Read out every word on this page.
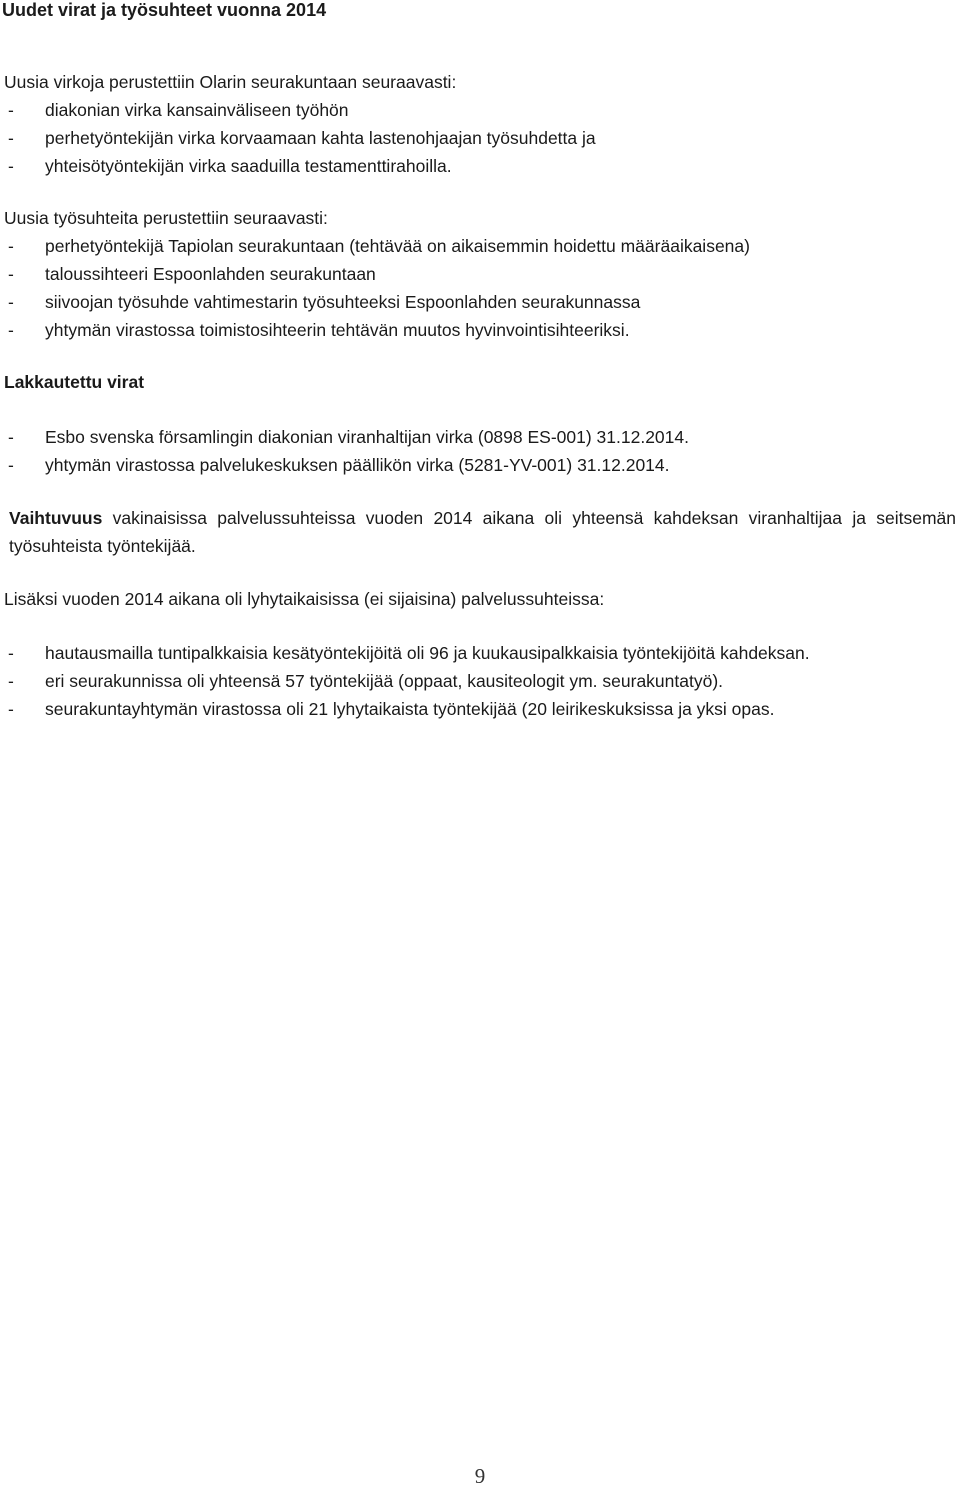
Uudet virat ja työsuhteet vuonna 2014

Uusia virkoja perustettiin Olarin seurakuntaan seuraavasti:

- diakonian virka kansainväliseen työhön
- perhetyöntekijän virka korvaamaan kahta lastenohjaajan työsuhdetta ja
- yhteisötyöntekijän virka saaduilla testamenttirahoilla.

Uusia työsuhteita perustettiin seuraavasti:

- perhetyöntekijä Tapiolan seurakuntaan (tehtävää on aikaisemmin hoidettu määräaikaisena)
- taloussihteeri Espoonlahden seurakuntaan
- siivoojan työsuhde vahtimestarin työsuhteeksi Espoonlahden seurakunnassa
- yhtymän virastossa toimistosihteerin tehtävän muutos hyvinvointisihteeriksi.

Lakkautettu virat

- Esbo svenska församlingin diakonian viranhaltijan virka (0898 ES-001) 31.12.2014.
- yhtymän virastossa palvelukeskuksen päällikön virka (5281-YV-001) 31.12.2014.

Vaihtuvuus vakinaisissa palvelussuhteissa vuoden 2014 aikana oli yhteensä kahdeksan viranhaltijaa ja seitsemän työsuhteista työntekijää.

Lisäksi vuoden 2014 aikana oli lyhytaikaisissa (ei sijaisina) palvelussuhteissa:

- hautausmailla tuntipalkkaisia kesätyöntekijöitä oli 96 ja kuukausipalkkaisia työntekijöitä kahdeksan.
- eri seurakunnissa oli yhteensä 57 työntekijää (oppaat, kausiteologit ym. seurakuntatyö).
- seurakuntayhtymän virastossa oli 21 lyhytaikaista työntekijää (20 leirikeskuksissa ja yksi opas.
9
